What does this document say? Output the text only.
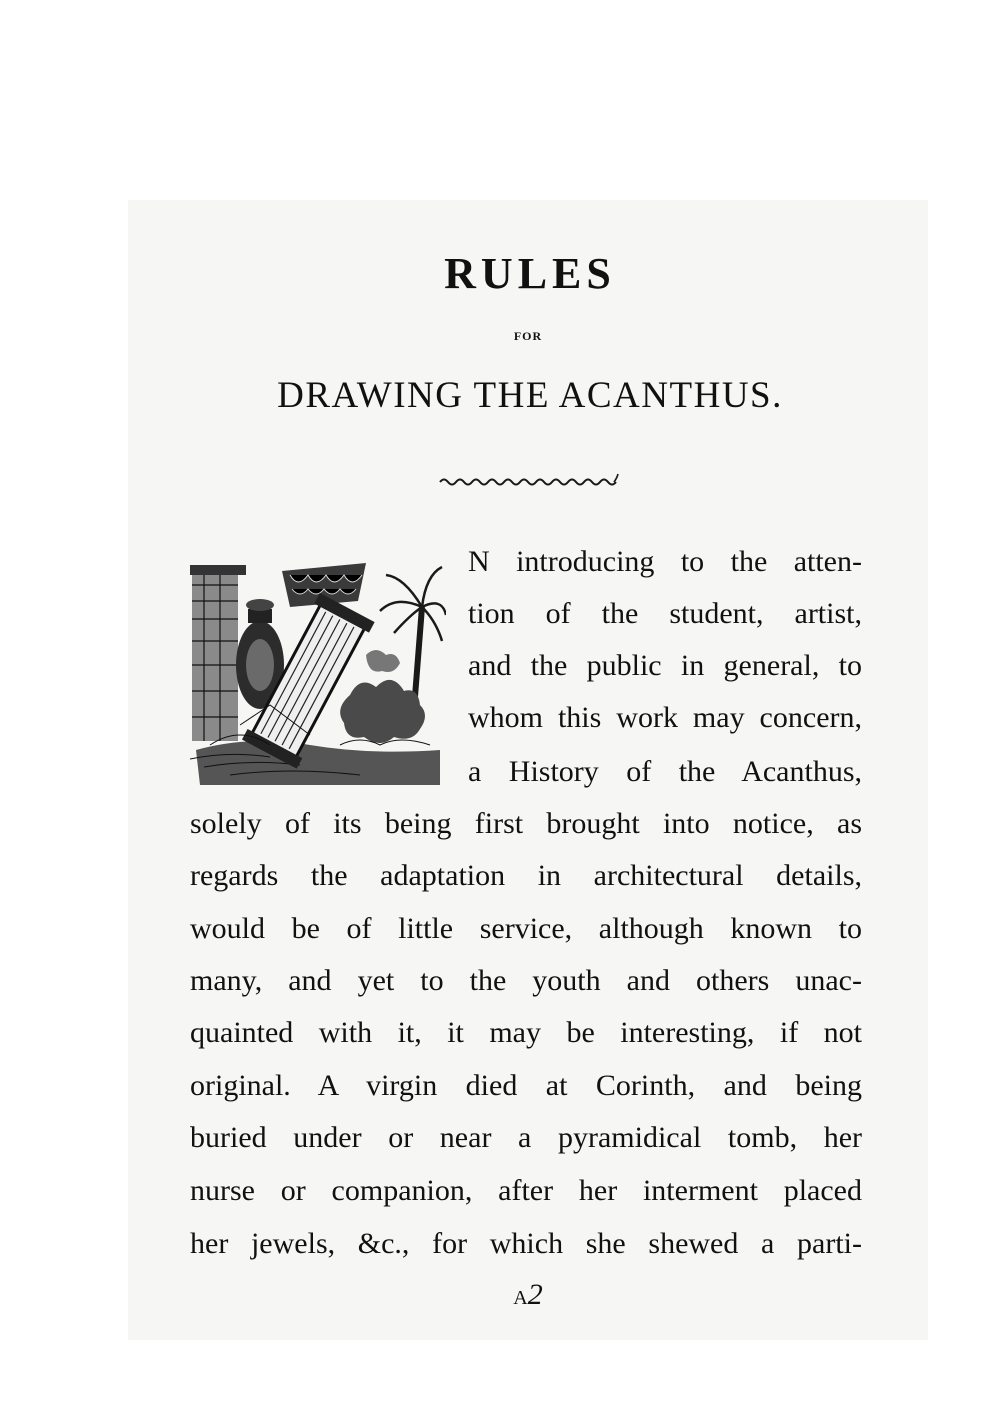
RULES
FOR
DRAWING THE ACANTHUS.
N introducing to the atten-
tion of the student, artist,
and the public in general, to
whom this work may concern,
a History of the Acanthus,
solely of its being first brought into notice, as
regards the adaptation in architectural details,
would be of little service, although known to
many, and yet to the youth and others unac-
quainted with it, it may be interesting, if not
original. A virgin died at Corinth, and being
buried under or near a pyramidical tomb, her
nurse or companion, after her interment placed
her jewels, &c., for which she shewed a parti-
A2
